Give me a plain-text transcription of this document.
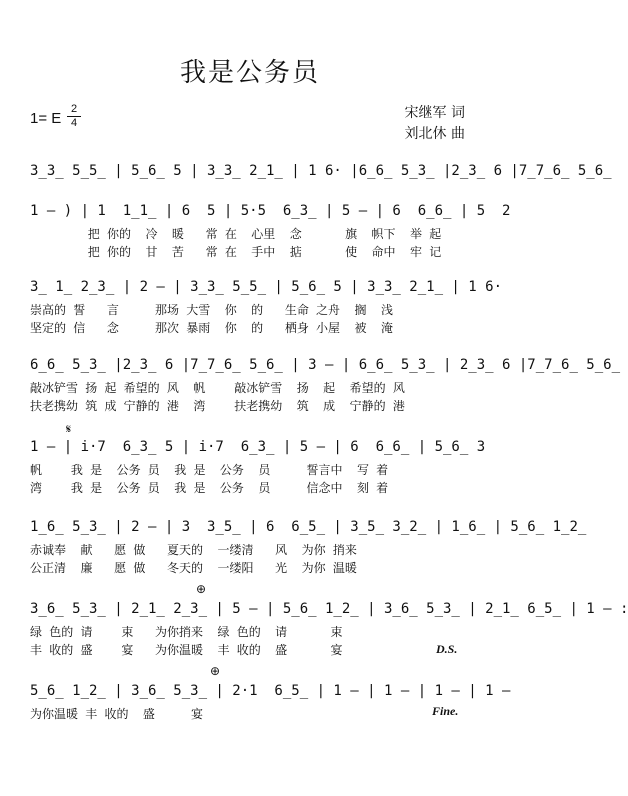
我是公务员
1= E
2
4
宋继军 词
刘北休 曲
3̲3̲ 5̲5̲ | 5̲6̲ 5 | 3̲3̲ 2̲1̲ | 1 6· |6̲6̲ 5̲3̲ |2̲3̲ 6 |7̲7̲6̲ 5̲6̲
1 – ) | 1  1̲1̲ | 6  5 | 5·5  6̲3̲ | 5 – | 6  6̲6̲ | 5  2
把 你的  冷  暖   常 在  心里  念      旗  帜下  举 起
把 你的  甘  苦   常 在  手中  掂      使  命中  牢 记
3̲ 1̲ 2̲3̲ | 2 – | 3̲3̲ 5̲5̲ | 5̲6̲ 5 | 3̲3̲ 2̲1̲ | 1 6·
崇高的 誓   言     那场 大雪  你  的   生命 之舟  搁  浅
坚定的 信   念     那次 暴雨  你  的   栖身 小屋  被  淹
6̲6̲ 5̲3̲ |2̲3̲ 6 |7̲7̲6̲ 5̲6̲ | 3 – | 6̲6̲ 5̲3̲ | 2̲3̲ 6 |7̲7̲6̲ 5̲6̲
敲冰铲雪 扬 起 希望的 风  帆    敲冰铲雪  扬  起  希望的 风
扶老携幼 筑 成 宁静的 港  湾    扶老携幼  筑  成  宁静的 港
𝄋
1 – | i·7  6̲3̲ 5 | i·7  6̲3̲ | 5 – | 6  6̲6̲ | 5̲6̲ 3
帆    我 是  公务 员  我 是  公务  员     誓言中  写 着
湾    我 是  公务 员  我 是  公务  员     信念中  刻 着
1̲6̲ 5̲3̲ | 2 – | 3  3̲5̲ | 6  6̲5̲ | 3̲5̲ 3̲2̲ | 1̲6̲ | 5̲6̲ 1̲2̲
赤诚奉  献   愿 做   夏天的  一缕清   风  为你 捎来
公正清  廉   愿 做   冬天的  一缕阳   光  为你 温暖
⊕
3̲6̲ 5̲3̲ | 2̲1̲ 2̲3̲ | 5 – | 5̲6̲ 1̲2̲ | 3̲6̲ 5̲3̲ | 2̲1̲ 6̲5̲ | 1 – :
绿 色的 请    束   为你捎来  绿 色的  请      束
丰 收的 盛    宴   为你温暖  丰 收的  盛      宴	D.S.
⊕
5̲6̲ 1̲2̲ | 3̲6̲ 5̲3̲ | 2·1  6̲5̲ | 1 – | 1 – | 1 – | 1 –
为你温暖 丰 收的  盛     宴	Fine.
